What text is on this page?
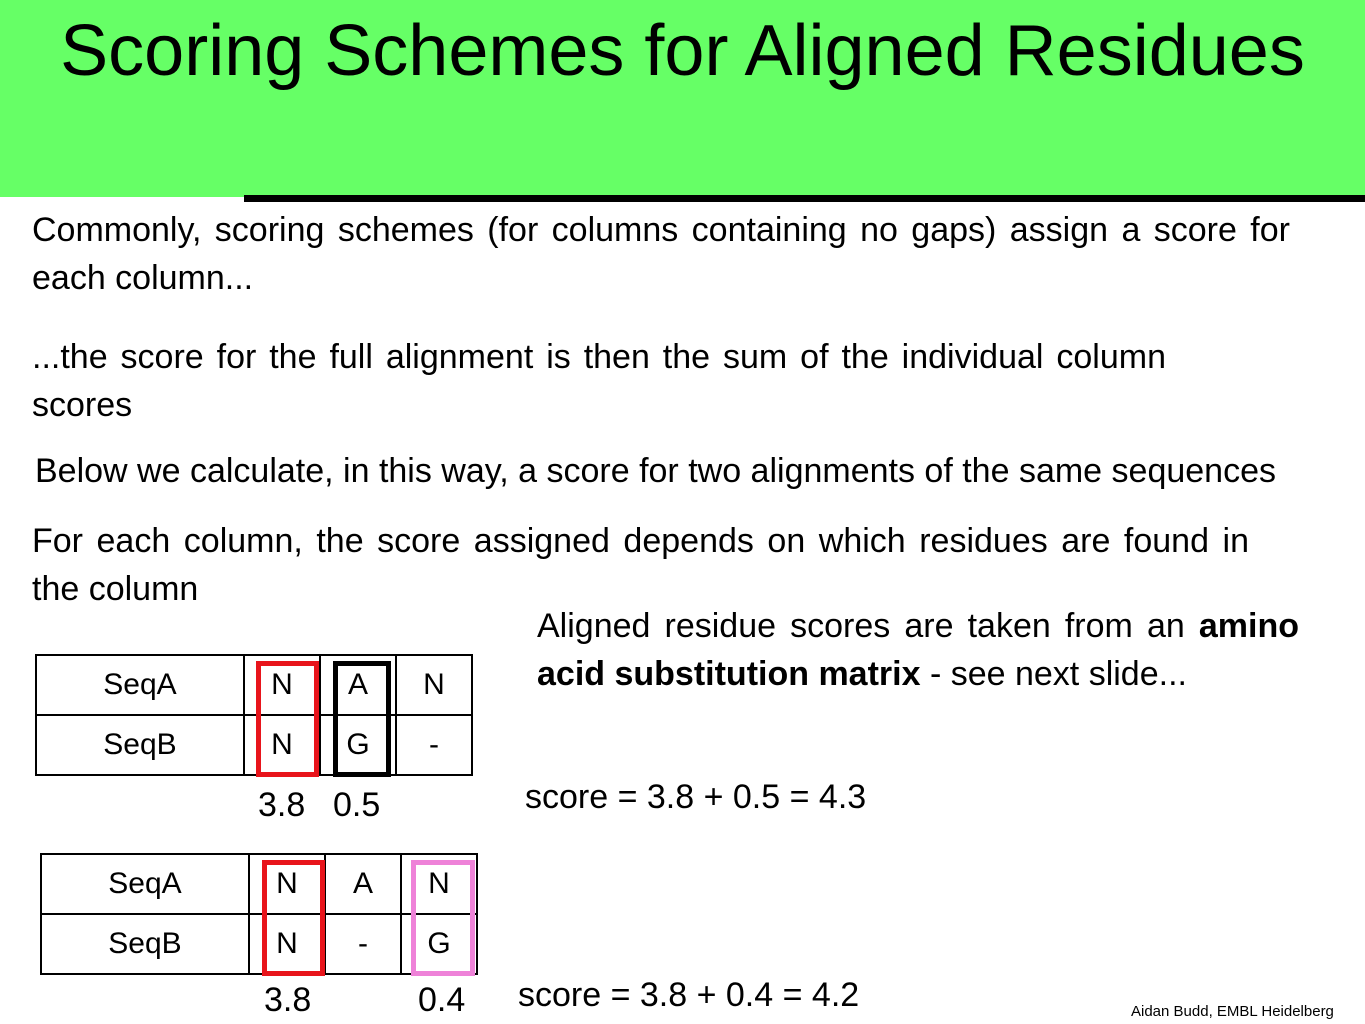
Scoring Schemes for Aligned Residues

Commonly, scoring schemes (for columns containing no gaps) assign a score for each column...

...the score for the full alignment is then the sum of the individual column scores

Below we calculate, in this way, a score for two alignments of the same sequences

For each column, the score assigned depends on which residues are found in the column

Aligned residue scores are taken from an amino acid substitution matrix - see next slide...

SeqA	N	A	N
SeqB	N	G	-
3.8 0.5	score = 3.8 + 0.5 = 4.3
SeqA	N	A	N
SeqB	N	-	G
3.8	0.4 score = 3.8 + 0.4 = 4.2	Aidan Budd, EMBL Heidelberg
